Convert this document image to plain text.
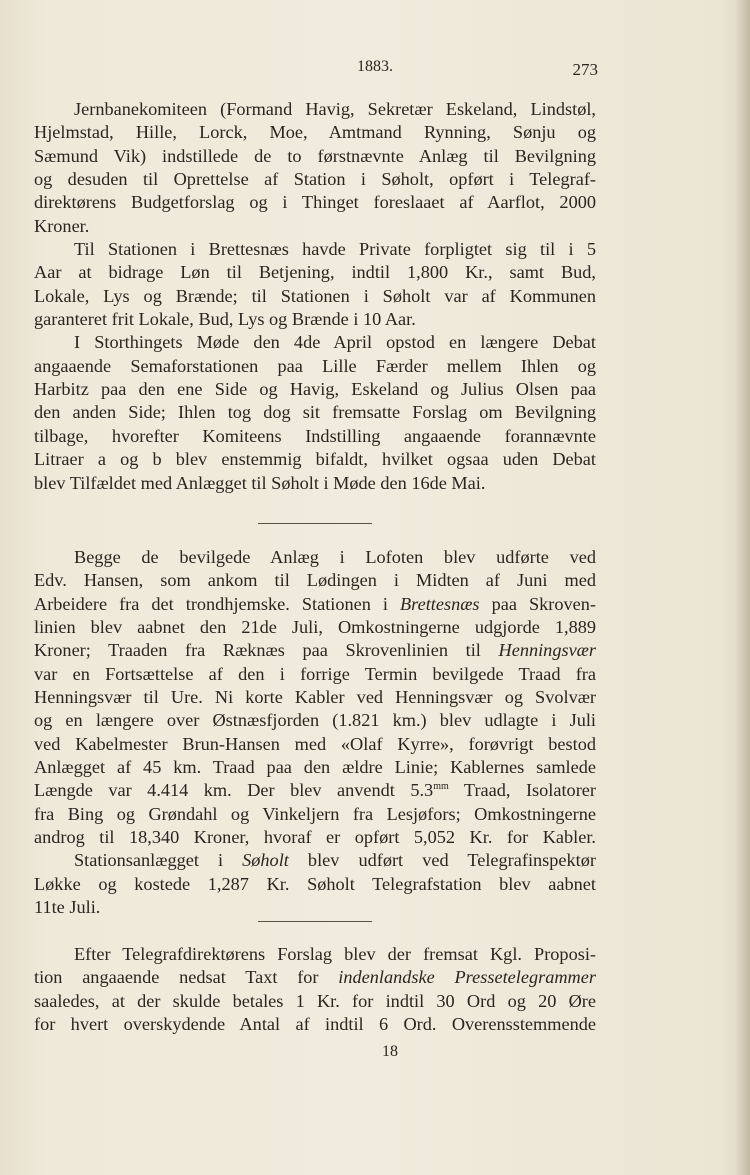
1883.	273
Jernbanekomiteen (Formand Havig, Sekretær Eskeland, Lindstøl,
Hjelmstad, Hille, Lorck, Moe, Amtmand Rynning, Sønju og
Sæmund Vik) indstillede de to førstnævnte Anlæg til Bevilgning
og desuden til Oprettelse af Station i Søholt, opført i Telegraf-
direktørens Budgetforslag og i Thinget foreslaaet af Aarflot, 2000
Kroner.
Til Stationen i Brettesnæs havde Private forpligtet sig til i 5
Aar at bidrage Løn til Betjening, indtil 1,800 Kr., samt Bud,
Lokale, Lys og Brænde; til Stationen i Søholt var af Kommunen
garanteret frit Lokale, Bud, Lys og Brænde i 10 Aar.
I Storthingets Møde den 4de April opstod en længere Debat
angaaende Semaforstationen paa Lille Færder mellem Ihlen og
Harbitz paa den ene Side og Havig, Eskeland og Julius Olsen paa
den anden Side; Ihlen tog dog sit fremsatte Forslag om Bevilgning
tilbage, hvorefter Komiteens Indstilling angaaende forannævnte
Litraer a og b blev enstemmig bifaldt, hvilket ogsaa uden Debat
blev Tilfældet med Anlægget til Søholt i Møde den 16de Mai.
Begge de bevilgede Anlæg i Lofoten blev udførte ved
Edv. Hansen, som ankom til Lødingen i Midten af Juni med
Arbeidere fra det trondhjemske. Stationen i Brettesnæs paa Skroven-
linien blev aabnet den 21de Juli, Omkostningerne udgjorde 1,889
Kroner; Traaden fra Ræknæs paa Skrovenlinien til Henningsvær
var en Fortsættelse af den i forrige Termin bevilgede Traad fra
Henningsvær til Ure. Ni korte Kabler ved Henningsvær og Svolvær
og en længere over Østnæsfjorden (1.821 km.) blev udlagte i Juli
ved Kabelmester Brun-Hansen med «Olaf Kyrre», forøvrigt bestod
Anlægget af 45 km. Traad paa den ældre Linie; Kablernes samlede
Længde var 4.414 km. Der blev anvendt $5.3^{mm}$ Traad, Isolatorer
fra Bing og Grøndahl og Vinkeljern fra Lesjøfors; Omkostningerne
androg til 18,340 Kroner, hvoraf er opført 5,052 Kr. for Kabler.
Stationsanlægget i Søholt blev udført ved Telegrafinspektør
Løkke og kostede 1,287 Kr. Søholt Telegrafstation blev aabnet
11te Juli.
Efter Telegrafdirektørens Forslag blev der fremsat Kgl. Proposi-
tion angaaende nedsat Taxt for indenlandske Pressetelegrammer
saaledes, at der skulde betales 1 Kr. for indtil 30 Ord og 20 Øre
for hvert overskydende Antal af indtil 6 Ord. Overensstemmende
18
